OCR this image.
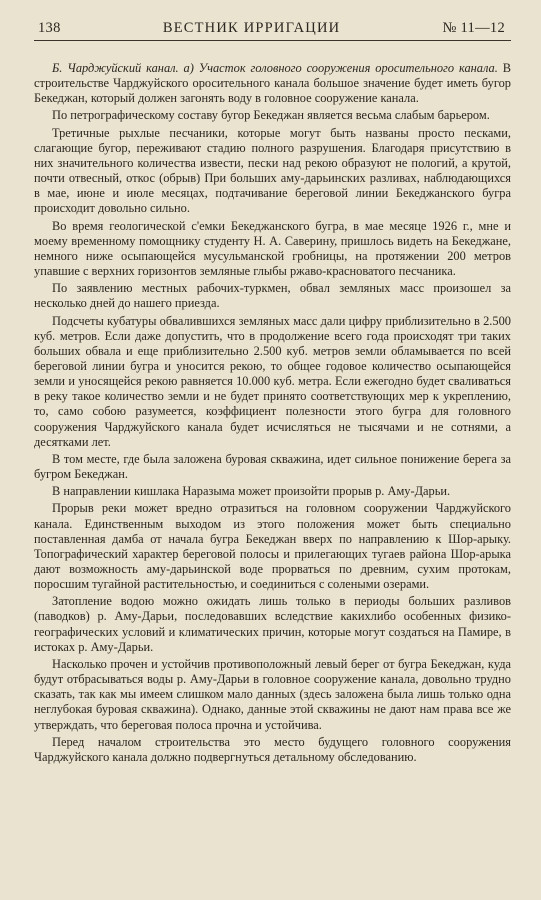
138	ВЕСТНИК ИРРИГАЦИИ	№ 11—12

Б. Чарджуйский канал. а) Участок головного сооружения оросительного канала. В строительстве Чарджуйского оросительного канала большое значение будет иметь бугор Бекеджан, который должен загонять воду в головное сооружение канала.

По петрографическому составу бугор Бекеджан является весьма слабым барьером.

Третичные рыхлые песчаники, которые могут быть названы просто песками, слагающие бугор, переживают стадию полного разрушения. Благодаря присутствию в них значительного количества извести, пески над рекою образуют не пологий, а крутой, почти отвесный, откос (обрыв) При больших аму-дарьинских разливах, наблюдающихся в мае, июне и июле месяцах, подтачивание береговой линии Бекеджанского бугра происходит довольно сильно.

Во время геологической с'емки Бекеджанского бугра, в мае месяце 1926 г., мне и моему временному помощнику студенту Н. А. Саверину, пришлось видеть на Бекеджане, немного ниже осыпающейся мусульманской гробницы, на протяжении 200 метров упавшие с верхних горизонтов земляные глыбы ржаво-красноватого песчаника.

По заявлению местных рабочих-туркмен, обвал земляных масс произошел за несколько дней до нашего приезда.

Подсчеты кубатуры обвалившихся земляных масс дали цифру приблизительно в 2.500 куб. метров. Если даже допустить, что в продолжение всего года происходят три таких больших обвала и еще приблизительно 2.500 куб. метров земли обламывается по всей береговой линии бугра и уносится рекою, то общее годовое количество осыпающейся земли и уносящейся рекою равняется 10.000 куб. метра. Если ежегодно будет сваливаться в реку такое количество земли и не будет принято соответствующих мер к укреплению, то, само собою разумеется, коэффициент полезности этого бугра для головного сооружения Чарджуйского канала будет исчисляться не тысячами и не сотнями, а десятками лет.

В том месте, где была заложена буровая скважина, идет сильное понижение берега за бугром Бекеджан.

В направлении кишлака Наразыма может произойти прорыв р. Аму-Дарьи.

Прорыв реки может вредно отразиться на головном сооружении Чарджуйского канала. Единственным выходом из этого положения может быть специально поставленная дамба от начала бугра Бекеджан вверх по направлению к Шор-арыку. Топографический характер береговой полосы и прилегающих тугаев района Шор-арыка дают возможность аму-дарьинской воде прорваться по древним, сухим протокам, поросшим тугайной растительностью, и соединиться с солеными озерами.

Затопление водою можно ожидать лишь только в периоды больших разливов (паводков) р. Аму-Дарьи, последовавших вследствие какихлибо особенных физико-географических условий и климатических причин, которые могут создаться на Памире, в истоках р. Аму-Дарьи.

Насколько прочен и устойчив противоположный левый берег от бугра Бекеджан, куда будут отбрасываться воды р. Аму-Дарьи в головное сооружение канала, довольно трудно сказать, так как мы имеем слишком мало данных (здесь заложена была лишь только одна неглубокая буровая скважина). Однако, данные этой скважины не дают нам права все же утверждать, что береговая полоса прочна и устойчива.

Перед началом строительства это место будущего головного сооружения Чарджуйского канала должно подвергнуться детальному обследованию.
